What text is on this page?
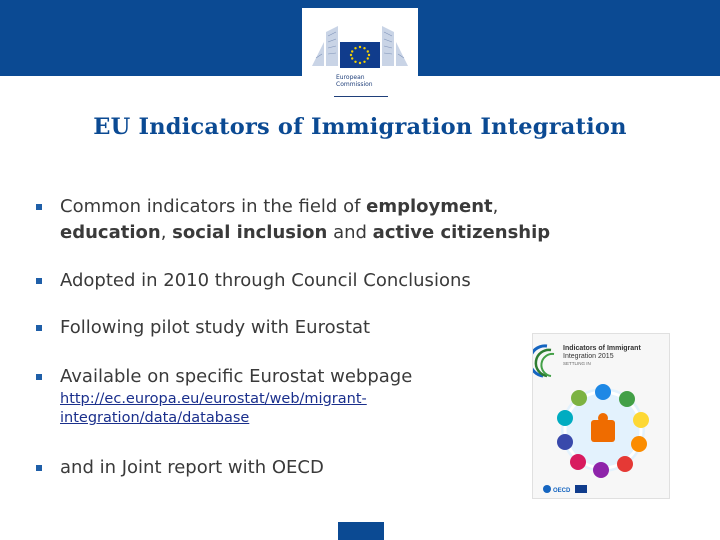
European
Commission
EU Indicators of Immigration Integration
Common indicators in the field of employment,
education, social inclusion and active citizenship
Adopted in 2010 through Council Conclusions
Following pilot study with Eurostat
Available on specific Eurostat webpage
http://ec.europa.eu/eurostat/web/migrant-
integration/data/database
and in Joint report with OECD
Indicators of Immigrant
Integration 2015
SETTLING IN
OECD
